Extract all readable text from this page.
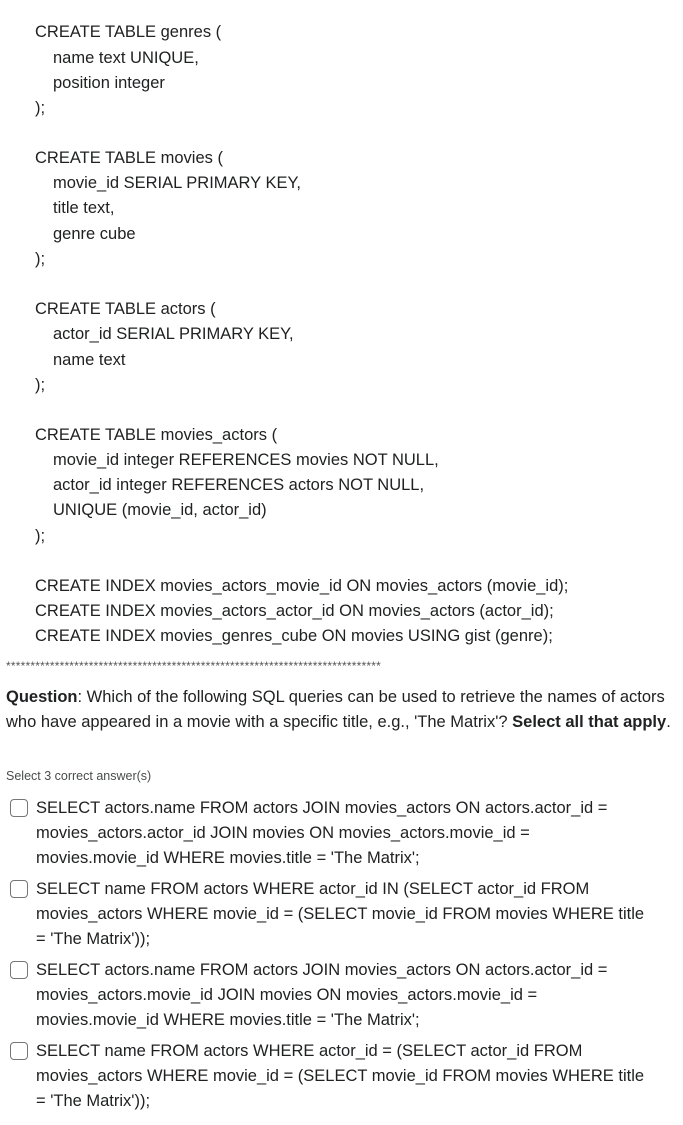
CREATE TABLE genres (
name text UNIQUE,
position integer
);
CREATE TABLE movies (
movie_id SERIAL PRIMARY KEY,
title text,
genre cube
);
CREATE TABLE actors (
actor_id SERIAL PRIMARY KEY,
name text
);
CREATE TABLE movies_actors (
movie_id integer REFERENCES movies NOT NULL,
actor_id integer REFERENCES actors NOT NULL,
UNIQUE (movie_id, actor_id)
);
CREATE INDEX movies_actors_movie_id ON movies_actors (movie_id);
CREATE INDEX movies_actors_actor_id ON movies_actors (actor_id);
CREATE INDEX movies_genres_cube ON movies USING gist (genre);
*****************************************************************************
Question: Which of the following SQL queries can be used to retrieve the names of actors who have appeared in a movie with a specific title, e.g., 'The Matrix'? Select all that apply.
Select 3 correct answer(s)
SELECT actors.name FROM actors JOIN movies_actors ON actors.actor_id = movies_actors.actor_id JOIN movies ON movies_actors.movie_id = movies.movie_id WHERE movies.title = 'The Matrix';
SELECT name FROM actors WHERE actor_id IN (SELECT actor_id FROM movies_actors WHERE movie_id = (SELECT movie_id FROM movies WHERE title = 'The Matrix'));
SELECT actors.name FROM actors JOIN movies_actors ON actors.actor_id = movies_actors.movie_id JOIN movies ON movies_actors.movie_id = movies.movie_id WHERE movies.title = 'The Matrix';
SELECT name FROM actors WHERE actor_id = (SELECT actor_id FROM movies_actors WHERE movie_id = (SELECT movie_id FROM movies WHERE title = 'The Matrix'));
